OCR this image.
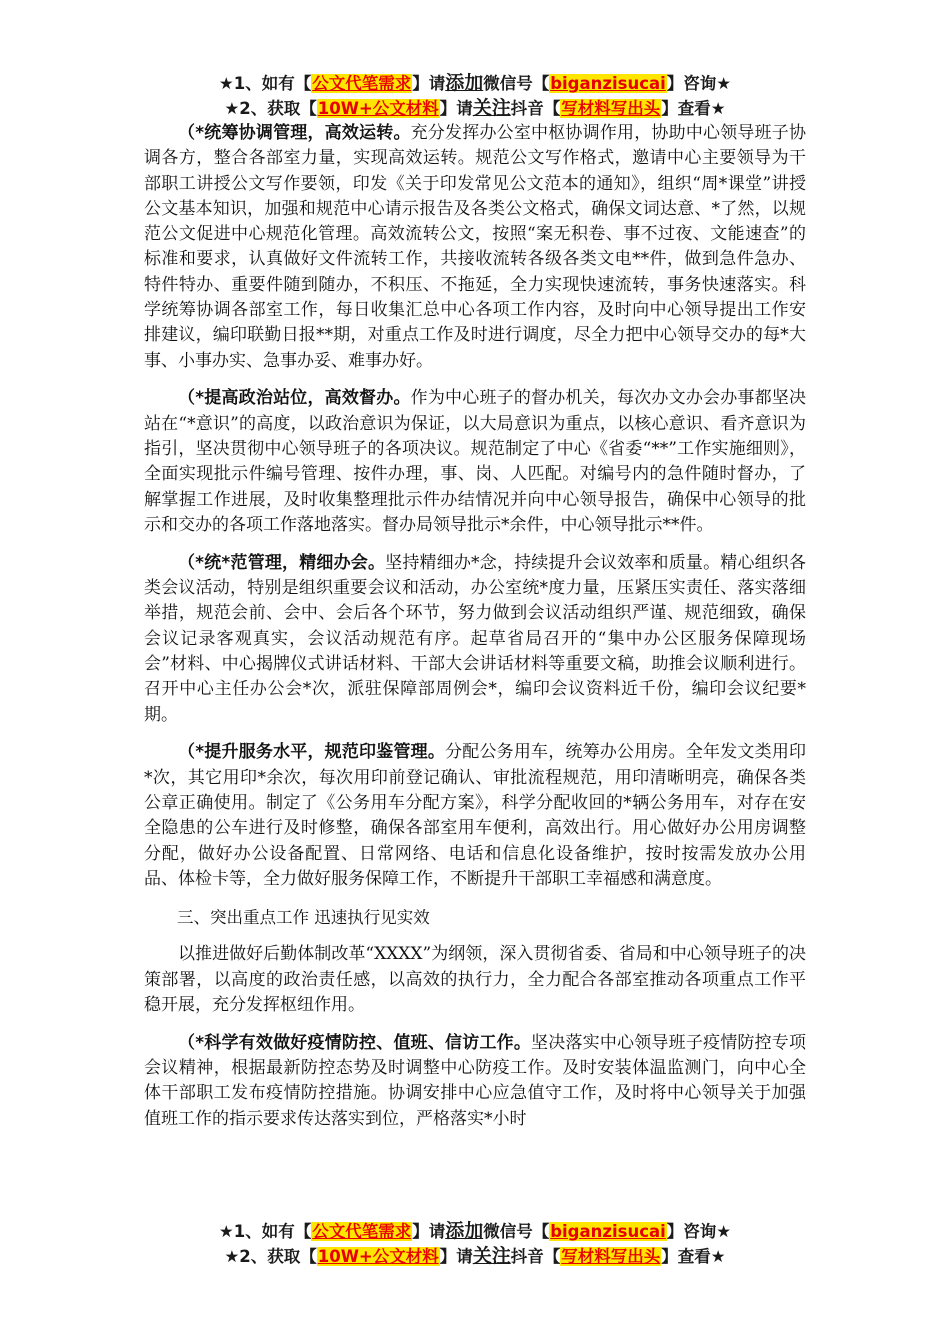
★1、如有【公文代笔需求】请添加微信号【biganzisucai】咨询★
★2、获取【10W+公文材料】请关注抖音【写材料写出头】查看★

（*统筹协调管理，高效运转。充分发挥办公室中枢协调作用，协助中心领导班子协调各方，整合各部室力量，实现高效运转。规范公文写作格式，邀请中心主要领导为干部职工讲授公文写作要领，印发《关于印发常见公文范本的通知》，组织“周*课堂”讲授公文基本知识，加强和规范中心请示报告及各类公文格式，确保文词达意、*了然，以规范公文促进中心规范化管理。高效流转公文，按照“案无积卷、事不过夜、文能速查”的标准和要求，认真做好文件流转工作，共接收流转各级各类文电**件，做到急件急办、特件特办、重要件随到随办，不积压、不拖延，全力实现快速流转，事务快速落实。科学统筹协调各部室工作，每日收集汇总中心各项工作内容，及时向中心领导提出工作安排建议，编印联勤日报**期，对重点工作及时进行调度，尽全力把中心领导交办的每*大事、小事办实、急事办妥、难事办好。

（*提高政治站位，高效督办。作为中心班子的督办机关，每次办文办会办事都坚决站在“*意识”的高度，以政治意识为保证，以大局意识为重点，以核心意识、看齐意识为指引，坚决贯彻中心领导班子的各项决议。规范制定了中心《省委“**”工作实施细则》，全面实现批示件编号管理、按件办理，事、岗、人匹配。对编号内的急件随时督办，了解掌握工作进展，及时收集整理批示件办结情况并向中心领导报告，确保中心领导的批示和交办的各项工作落地落实。督办局领导批示*余件，中心领导批示**件。

（*统*范管理，精细办会。坚持精细办*念，持续提升会议效率和质量。精心组织各类会议活动，特别是组织重要会议和活动，办公室统*度力量，压紧压实责任、落实落细举措，规范会前、会中、会后各个环节，努力做到会议活动组织严谨、规范细致，确保会议记录客观真实，会议活动规范有序。起草省局召开的“集中办公区服务保障现场会”材料、中心揭牌仪式讲话材料、干部大会讲话材料等重要文稿，助推会议顺利进行。召开中心主任办公会*次，派驻保障部周例会*，编印会议资料近千份，编印会议纪要*期。

（*提升服务水平，规范印鉴管理。分配公务用车，统筹办公用房。全年发文类用印*次，其它用印*余次，每次用印前登记确认、审批流程规范，用印清晰明亮，确保各类公章正确使用。制定了《公务用车分配方案》，科学分配收回的*辆公务用车，对存在安全隐患的公车进行及时修整，确保各部室用车便利，高效出行。用心做好办公用房调整分配，做好办公设备配置、日常网络、电话和信息化设备维护，按时按需发放办公用品、体检卡等，全力做好服务保障工作，不断提升干部职工幸福感和满意度。

三、突出重点工作 迅速执行见实效

以推进做好后勤体制改革“XXXX”为纲领，深入贯彻省委、省局和中心领导班子的决策部署，以高度的政治责任感，以高效的执行力，全力配合各部室推动各项重点工作平稳开展，充分发挥枢纽作用。

（*科学有效做好疫情防控、值班、信访工作。坚决落实中心领导班子疫情防控专项会议精神，根据最新防控态势及时调整中心防疫工作。及时安装体温监测门，向中心全体干部职工发布疫情防控措施。协调安排中心应急值守工作，及时将中心领导关于加强值班工作的指示要求传达落实到位，严格落实*小时

★1、如有【公文代笔需求】请添加微信号【biganzisucai】咨询★
★2、获取【10W+公文材料】请关注抖音【写材料写出头】查看★
